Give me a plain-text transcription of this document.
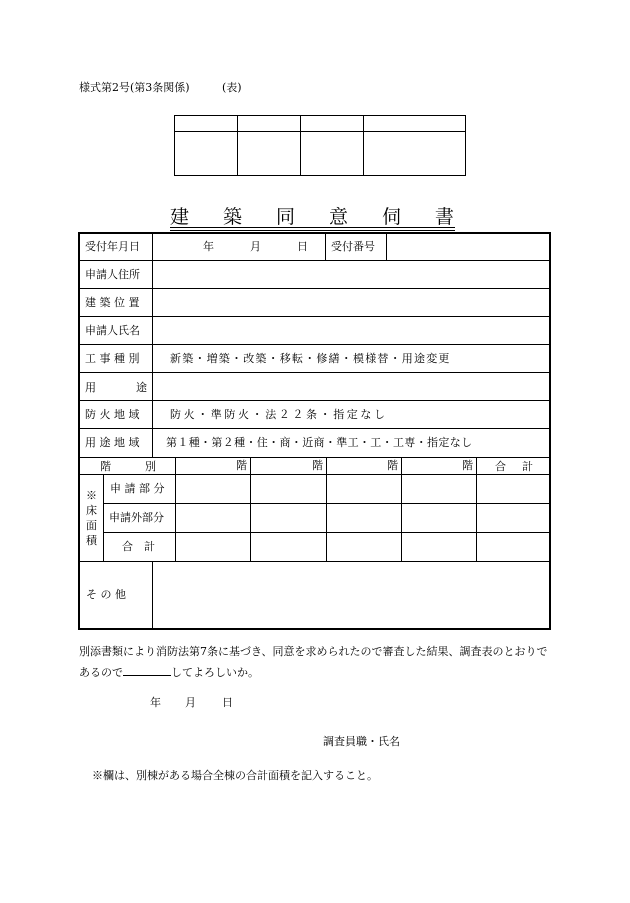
様式第2号(第3条関係)	(表)

建 築 同 意 伺 書
受付年月日	年	月	日 受付番号
申請人住所
建 築 位 置
申請人氏名
工 事 種 別	新築・増築・改築・移転・修繕・模様替・用途変更
用	途
防 火 地 域	防火・準防火・法２２条・指定なし
用 途 地 域 第１種・第２種・住・商・近商・準工・工・工専・指定なし
階	別	階	階	階	階 合 計
※床面積
申 請 部 分
申請外部分
合　計
そ の 他
別添書類により消防法第7条に基づき、同意を求められたので審査した結果、調査表のとおりであるので	してよろしいか。
年 月 日
調査員職・氏名
※欄は、別棟がある場合全棟の合計面積を記入すること。
